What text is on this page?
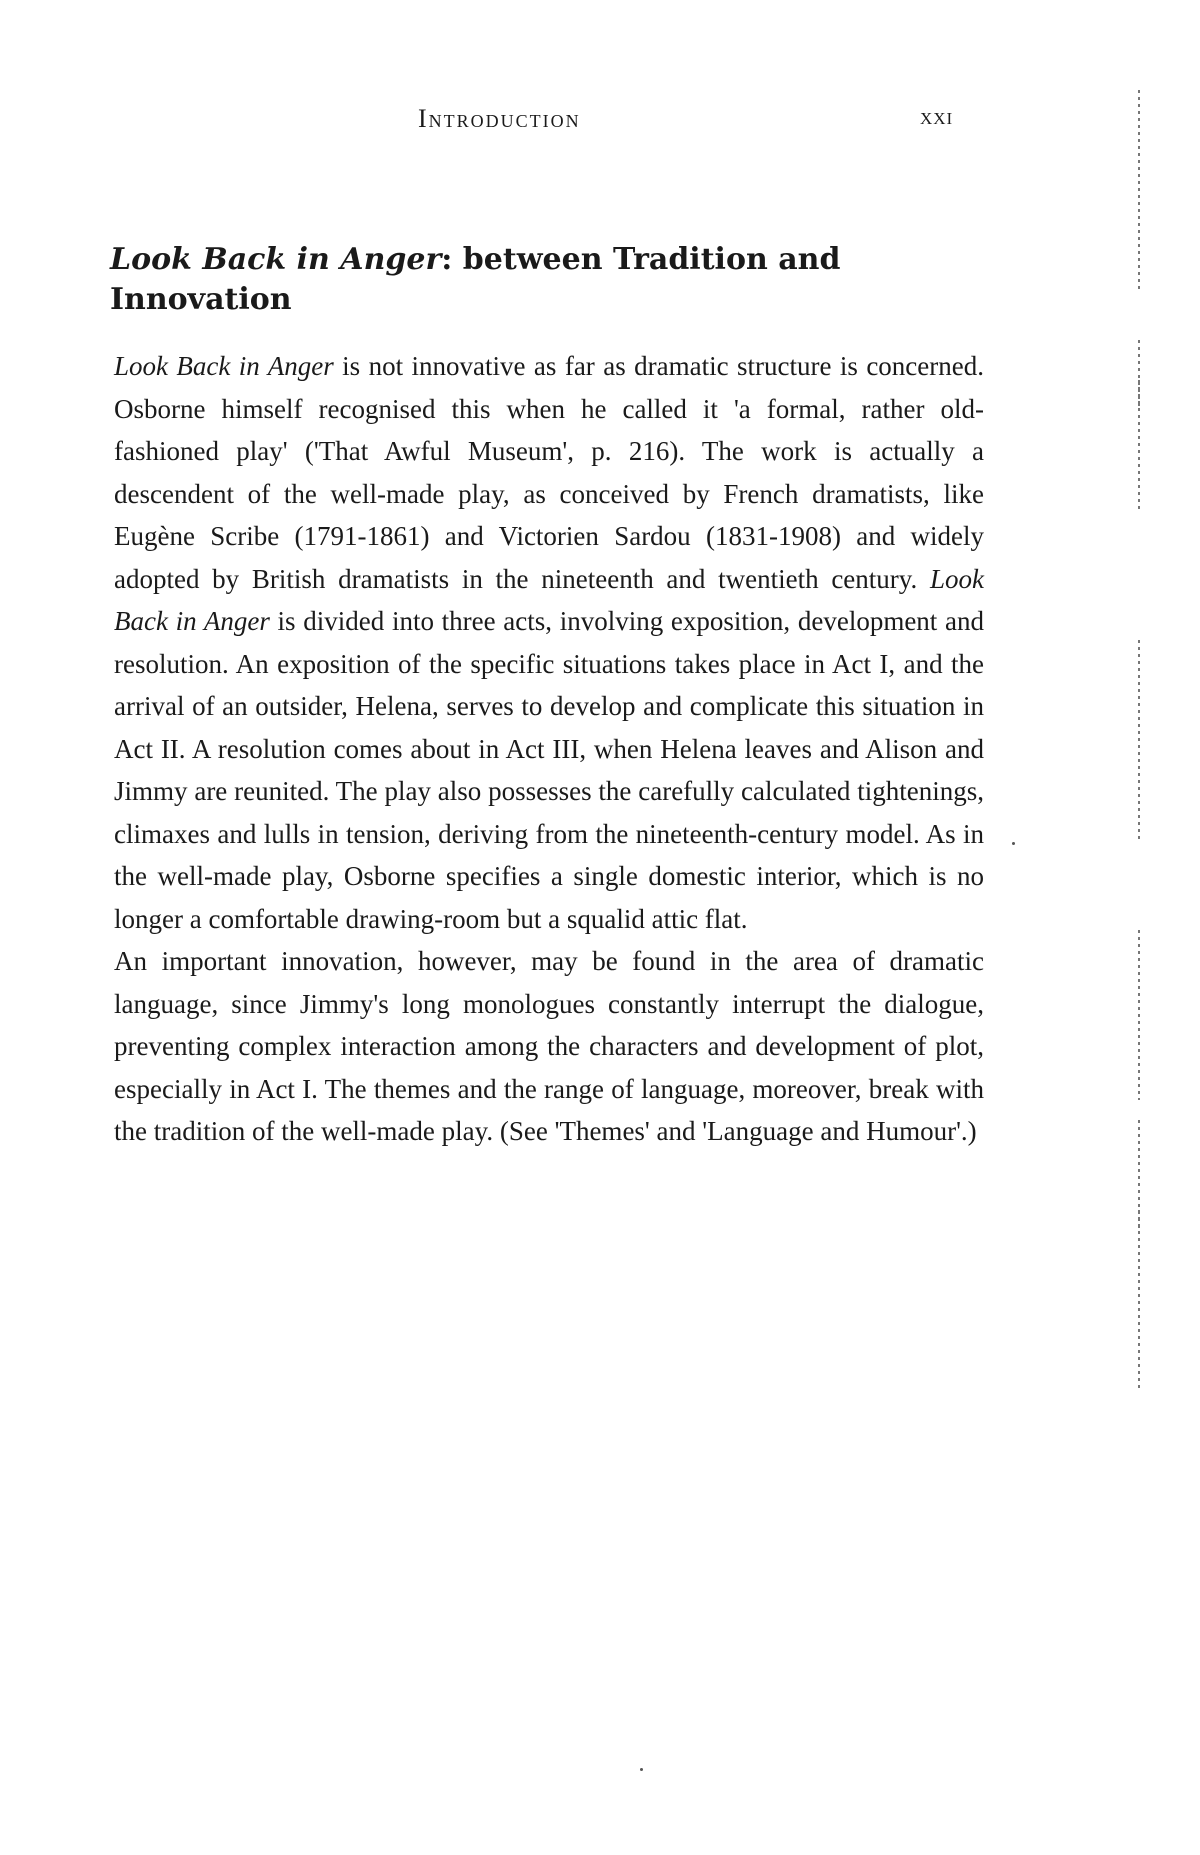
Introduction	xxi
Look Back in Anger: between Tradition and Innovation

Look Back in Anger is not innovative as far as dramatic structure is concerned. Osborne himself recognised this when he called it 'a formal, rather old-fashioned play' ('That Awful Museum', p. 216). The work is actually a descendent of the well-made play, as conceived by French dramatists, like Eugène Scribe (1791-1861) and Victorien Sardou (1831-1908) and widely adopted by British dramatists in the nineteenth and twentieth century. Look Back in Anger is divided into three acts, involving exposition, development and resolution. An exposition of the specific situations takes place in Act I, and the arrival of an outsider, Helena, serves to develop and complicate this situation in Act II. A resolution comes about in Act III, when Helena leaves and Alison and Jimmy are reunited. The play also possesses the carefully calculated tightenings, climaxes and lulls in tension, deriving from the nineteenth-century model. As in the well-made play, Osborne specifies a single domestic interior, which is no longer a comfortable drawing-room but a squalid attic flat.

An important innovation, however, may be found in the area of dramatic language, since Jimmy's long monologues constantly interrupt the dialogue, preventing complex interaction among the characters and development of plot, especially in Act I. The themes and the range of language, moreover, break with the tradition of the well-made play. (See 'Themes' and 'Language and Humour'.)
